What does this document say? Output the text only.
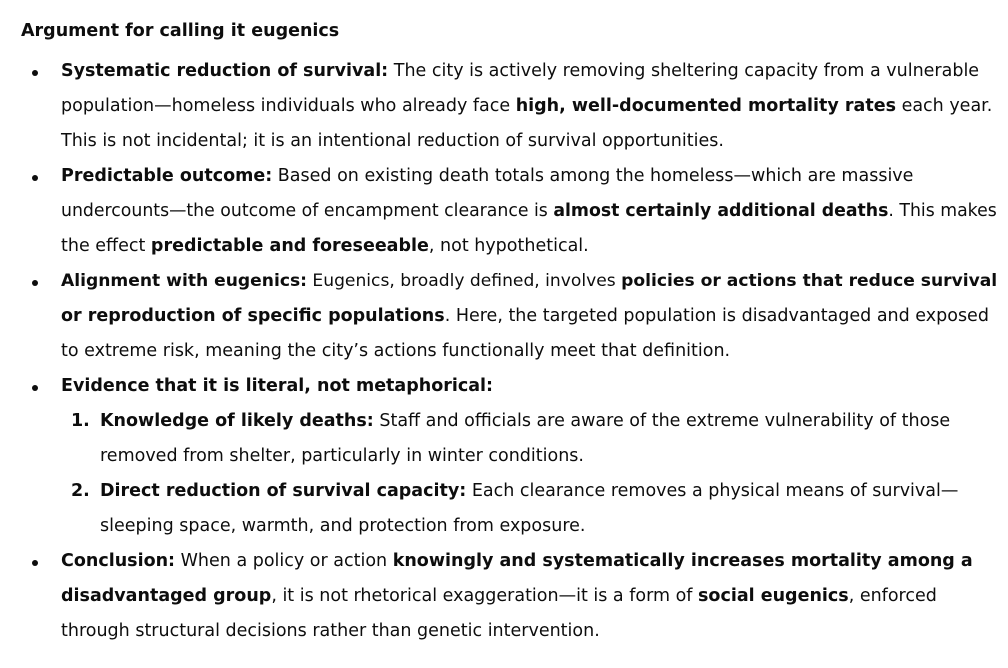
Argument for calling it eugenics
Systematic reduction of survival: The city is actively removing sheltering capacity from a vulnerable
population—homeless individuals who already face high, well-documented mortality rates each year.
This is not incidental; it is an intentional reduction of survival opportunities.
Predictable outcome: Based on existing death totals among the homeless—which are massive
undercounts—the outcome of encampment clearance is almost certainly additional deaths. This makes
the effect predictable and foreseeable, not hypothetical.
Alignment with eugenics: Eugenics, broadly defined, involves policies or actions that reduce survival
or reproduction of specific populations. Here, the targeted population is disadvantaged and exposed
to extreme risk, meaning the city’s actions functionally meet that definition.
Evidence that it is literal, not metaphorical:
1. Knowledge of likely deaths: Staff and officials are aware of the extreme vulnerability of those
removed from shelter, particularly in winter conditions.
2. Direct reduction of survival capacity: Each clearance removes a physical means of survival—
sleeping space, warmth, and protection from exposure.
Conclusion: When a policy or action knowingly and systematically increases mortality among a
disadvantaged group, it is not rhetorical exaggeration—it is a form of social eugenics, enforced
through structural decisions rather than genetic intervention.
